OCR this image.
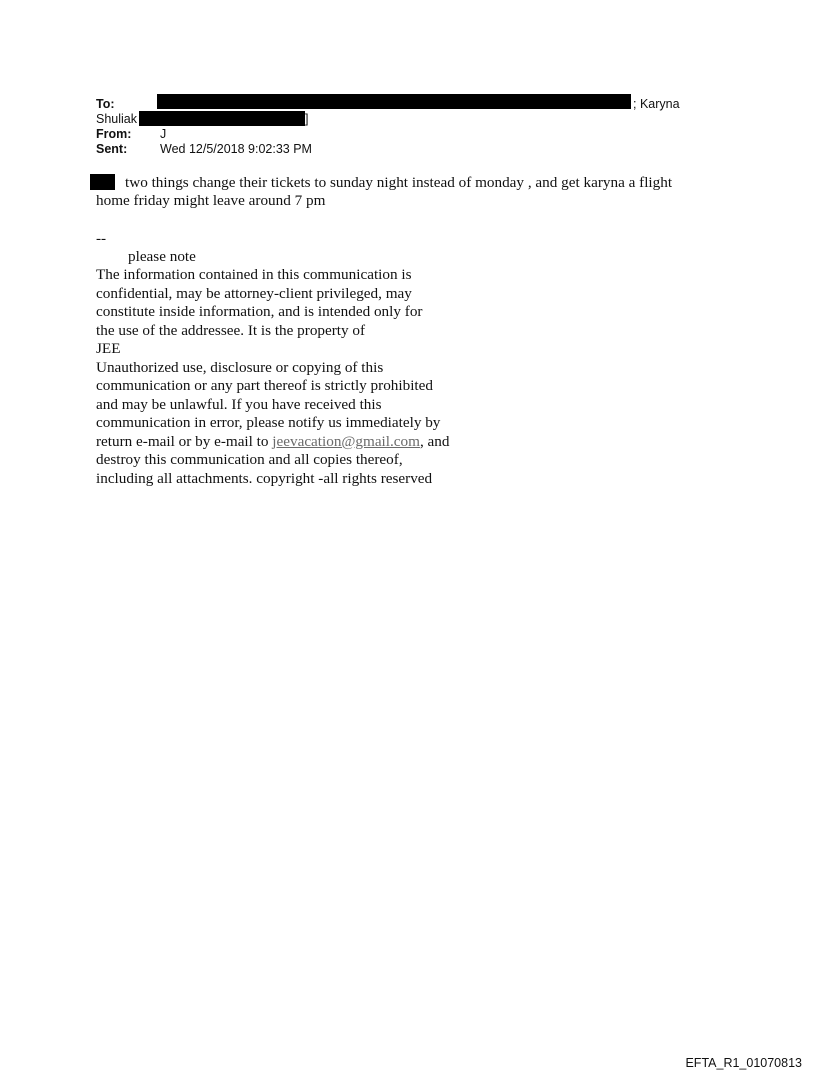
To:	; Karyna
Shuliak	]
From: J
Sent:	Wed 12/5/2018 9:02:33 PM
two things change their tickets to sunday night instead of monday , and get karyna a flight
home friday might leave around 7 pm
--
please note
The information contained in this communication is
confidential, may be attorney-client privileged, may
constitute inside information, and is intended only for
the use of the addressee. It is the property of
JEE
Unauthorized use, disclosure or copying of this
communication or any part thereof is strictly prohibited
and may be unlawful. If you have received this
communication in error, please notify us immediately by
return e-mail or by e-mail to jeevacation@gmail.com, and
destroy this communication and all copies thereof,
including all attachments. copyright -all rights reserved
EFTA_R1_01070813
